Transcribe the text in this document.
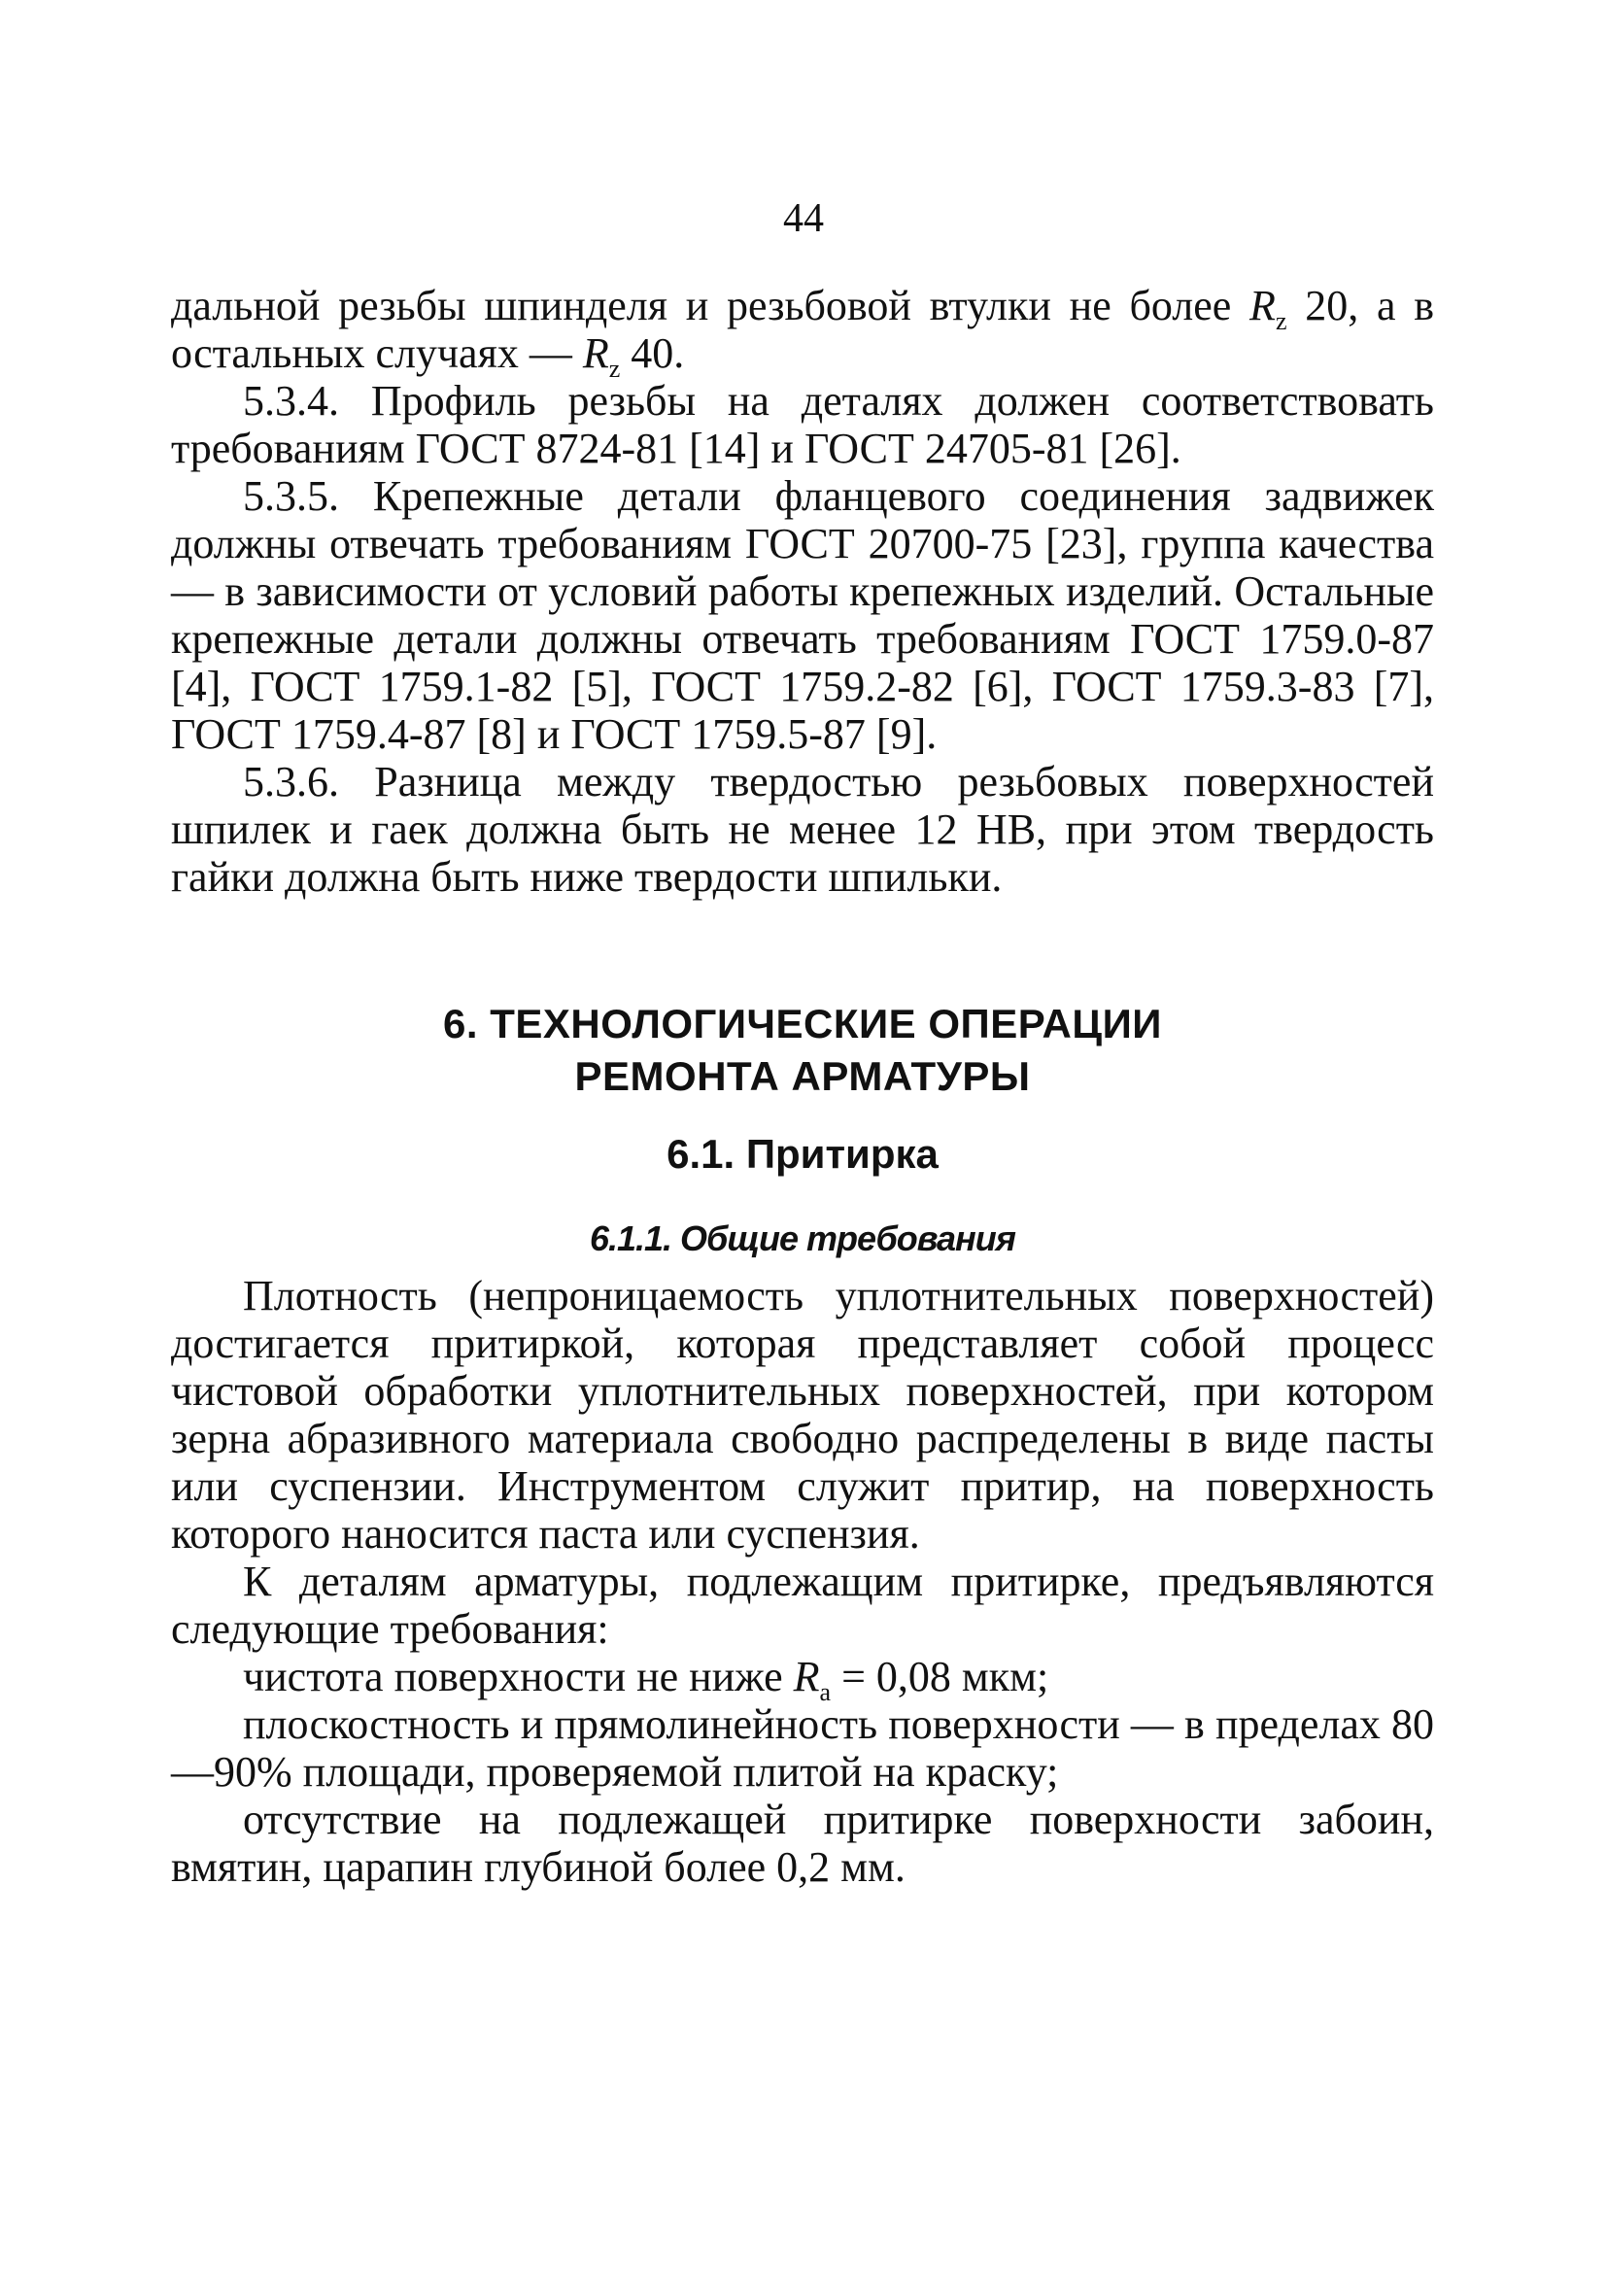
44

дальной резьбы шпинделя и резьбовой втулки не более $R_z$ 20, а в остальных случаях — $R_z$ 40.

5.3.4. Профиль резьбы на деталях должен соответствовать требованиям ГОСТ 8724-81 [14] и ГОСТ 24705-81 [26].

5.3.5. Крепежные детали фланцевого соединения задвижек должны отвечать требованиям ГОСТ 20700-75 [23], группа качества — в зависимости от условий работы крепежных изделий. Остальные крепежные детали должны отвечать требованиям ГОСТ 1759.0-87 [4], ГОСТ 1759.1-82 [5], ГОСТ 1759.2-82 [6], ГОСТ 1759.3-83 [7], ГОСТ 1759.4-87 [8] и ГОСТ 1759.5-87 [9].

5.3.6. Разница между твердостью резьбовых поверхностей шпилек и гаек должна быть не менее 12 НВ, при этом твердость гайки должна быть ниже твердости шпильки.

6. ТЕХНОЛОГИЧЕСКИЕ ОПЕРАЦИИ
РЕМОНТА АРМАТУРЫ
6.1. Притирка
6.1.1. Общие требования

Плотность (непроницаемость уплотнительных поверхностей) достигается притиркой, которая представляет собой процесс чистовой обработки уплотнительных поверхностей, при котором зерна абразивного материала свободно распределены в виде пасты или суспензии. Инструментом служит притир, на поверхность которого наносится паста или суспензия.

К деталям арматуры, подлежащим притирке, предъявляются следующие требования:

чистота поверхности не ниже $R_a = 0,08$ мкм;

плоскостность и прямолинейность поверхности — в пределах 80—90% площади, проверяемой плитой на краску;

отсутствие на подлежащей притирке поверхности забоин, вмятин, царапин глубиной более 0,2 мм.
